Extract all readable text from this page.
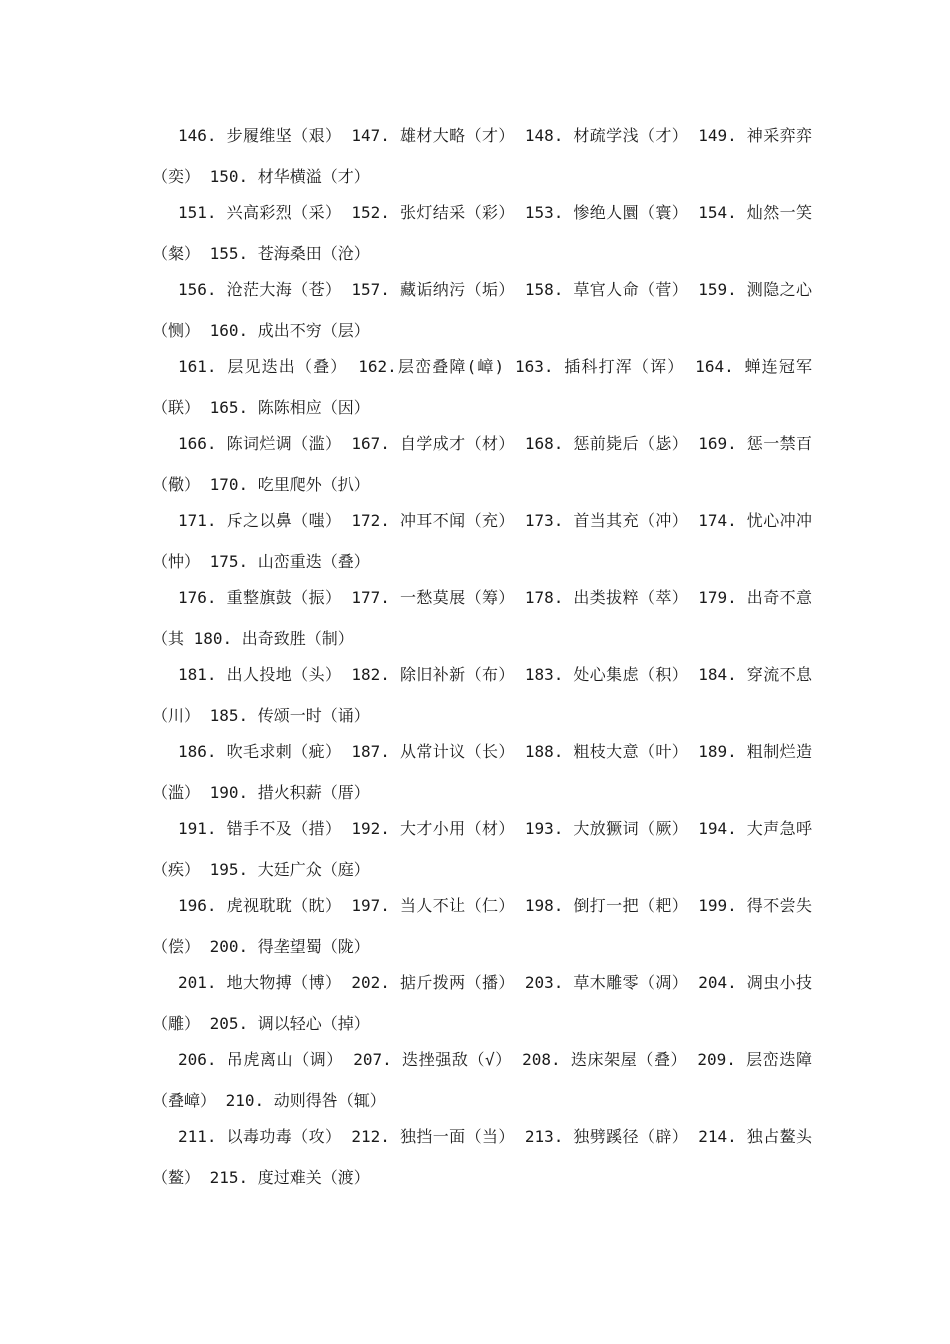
146. 步履维坚（艰） 147. 雄材大略（才） 148. 材疏学浅（才） 149. 神采弈弈
（奕） 150. 材华横溢（才）
151. 兴高彩烈（采） 152. 张灯结采（彩） 153. 惨绝人圜（寰） 154. 灿然一笑
（粲） 155. 苍海桑田（沧）
156. 沧茫大海（苍） 157. 藏诟纳污（垢） 158. 草官人命（菅） 159. 测隐之心
（恻） 160. 成出不穷（层）
161. 层见迭出（叠） 162.层峦叠障(嶂) 163. 插科打浑（诨） 164. 蝉连冠军
（联） 165. 陈陈相应（因）
166. 陈词烂调（滥） 167. 自学成才（材） 168. 惩前毙后（毖） 169. 惩一禁百
（儆） 170. 吃里爬外（扒）
171. 斥之以鼻（嗤） 172. 冲耳不闻（充） 173. 首当其充（冲） 174. 忧心冲冲
（忡） 175. 山峦重迭（叠）
176. 重整旗鼓（振） 177. 一愁莫展（筹） 178. 出类拔粹（萃） 179. 出奇不意
（其 180. 出奇致胜（制）
181. 出人投地（头） 182. 除旧补新（布） 183. 处心集虑（积） 184. 穿流不息
（川） 185. 传颂一时（诵）
186. 吹毛求刺（疵） 187. 从常计议（长） 188. 粗枝大意（叶） 189. 粗制烂造
（滥） 190. 措火积薪（厝）
191. 错手不及（措） 192. 大才小用（材） 193. 大放獗词（厥） 194. 大声急呼
（疾） 195. 大廷广众（庭）
196. 虎视耽耽（眈） 197. 当人不让（仁） 198. 倒打一把（耙） 199. 得不尝失
（偿） 200. 得垄望蜀（陇）
201. 地大物搏（博） 202. 掂斤拨两（播） 203. 草木雕零（凋） 204. 凋虫小技
（雕） 205. 调以轻心（掉）
206. 吊虎离山（调） 207. 迭挫强敌（√） 208. 迭床架屋（叠） 209. 层峦迭障
（叠嶂） 210. 动则得咎（辄）
211. 以毒功毒（攻） 212. 独挡一面（当） 213. 独劈蹊径（辟） 214. 独占鳌头
（鳌） 215. 度过难关（渡）
